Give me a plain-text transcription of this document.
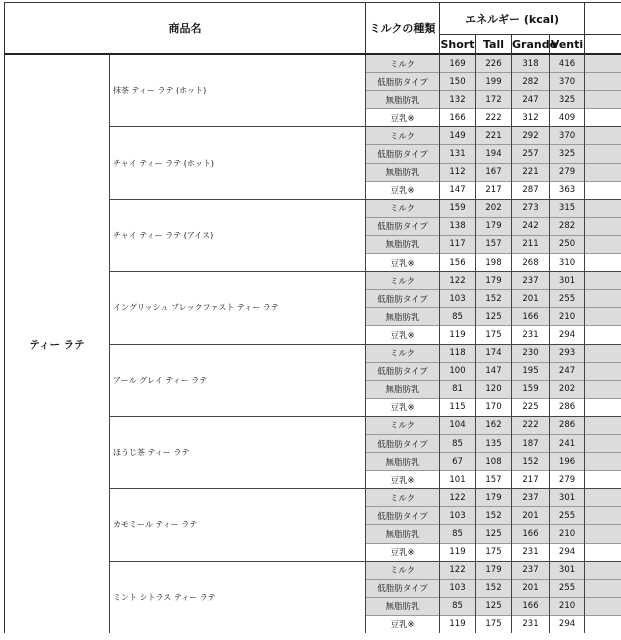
商品名		ミルクの種類	エネルギー (kcal)				
			Short	Tall	Grande	Venti	
ティー ラテ	抹茶 ティー ラテ (ホット)	ミルク	169	226	318	416	
		低脂肪タイプ	150	199	282	370	
		無脂肪乳	132	172	247	325	
		豆乳※	166	222	312	409	
	チャイ ティー ラテ (ホット)	ミルク	149	221	292	370	
		低脂肪タイプ	131	194	257	325	
		無脂肪乳	112	167	221	279	
		豆乳※	147	217	287	363	
	チャイ ティー ラテ (アイス)	ミルク	159	202	273	315	
		低脂肪タイプ	138	179	242	282	
		無脂肪乳	117	157	211	250	
		豆乳※	156	198	268	310	
	イングリッシュ ブレックファスト ティー ラテ	ミルク	122	179	237	301	
		低脂肪タイプ	103	152	201	255	
		無脂肪乳	85	125	166	210	
		豆乳※	119	175	231	294	
	アール グレイ ティー ラテ	ミルク	118	174	230	293	
		低脂肪タイプ	100	147	195	247	
		無脂肪乳	81	120	159	202	
		豆乳※	115	170	225	286	
	ほうじ茶 ティー ラテ	ミルク	104	162	222	286	
		低脂肪タイプ	85	135	187	241	
		無脂肪乳	67	108	152	196	
		豆乳※	101	157	217	279	
	カモミール ティー ラテ	ミルク	122	179	237	301	
		低脂肪タイプ	103	152	201	255	
		無脂肪乳	85	125	166	210	
		豆乳※	119	175	231	294	
	ミント シトラス ティー ラテ	ミルク	122	179	237	301	
		低脂肪タイプ	103	152	201	255	
		無脂肪乳	85	125	166	210	
		豆乳※	119	175	231	294	
